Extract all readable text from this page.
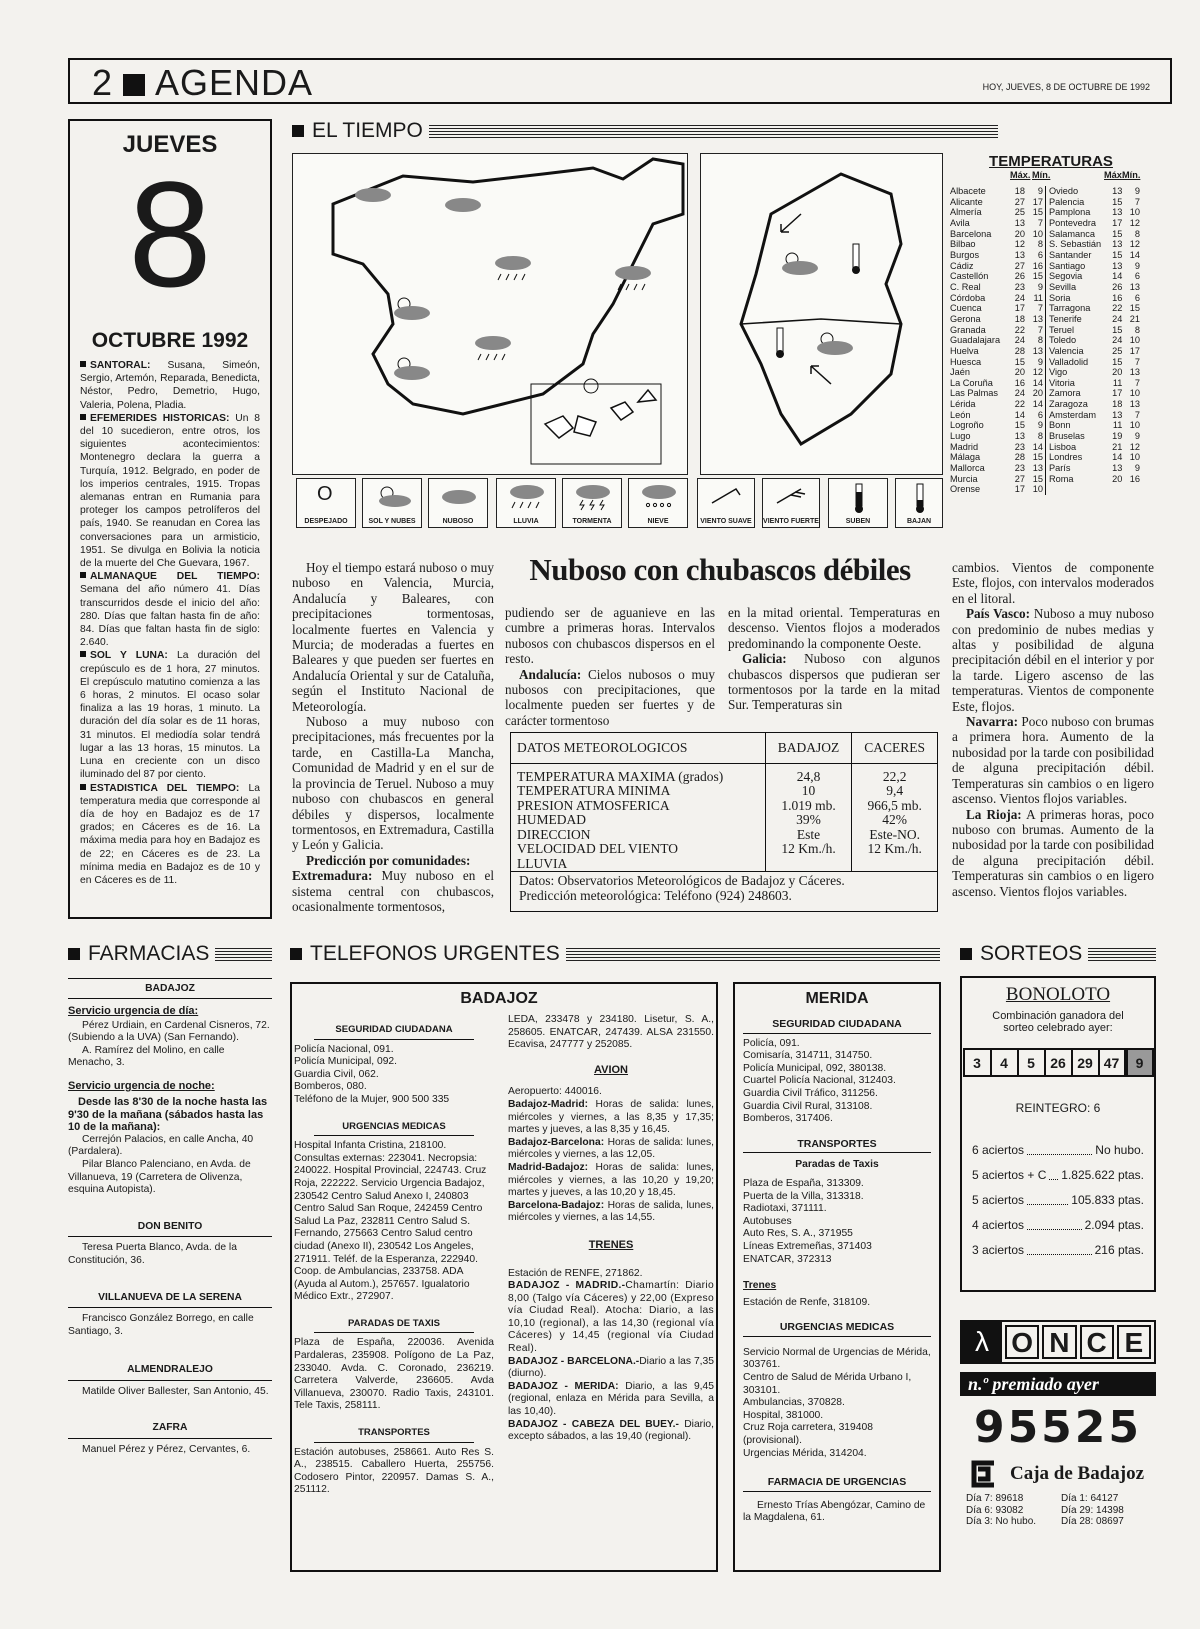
2 AGENDA	HOY, JUEVES, 8 DE OCTUBRE DE 1992
JUEVES
8
OCTUBRE 1992

SANTORAL: Susana, Simeón, Sergio, Artemón, Reparada, Benedicta, Néstor, Pedro, Demetrio, Hugo, Valeria, Polena, Pladia.

EFEMERIDES HISTORICAS: Un 8 del 10 sucedieron, entre otros, los siguientes acontecimientos: Montenegro declara la guerra a Turquía, 1912. Belgrado, en poder de los imperios centrales, 1915. Tropas alemanas entran en Rumania para proteger los campos petrolíferos del país, 1940. Se reanudan en Corea las conversaciones para un armisticio, 1951. Se divulga en Bolivia la noticia de la muerte del Che Guevara, 1967.

ALMANAQUE DEL TIEMPO: Semana del año número 41. Días transcurridos desde el inicio del año: 280. Días que faltan hasta fin de año: 84. Días que faltan hasta fin de siglo: 2.640.

SOL Y LUNA: La duración del crepúsculo es de 1 hora, 27 minutos. El crepúsculo matutino comienza a las 6 horas, 2 minutos. El ocaso solar finaliza a las 19 horas, 1 minuto. La duración del día solar es de 11 horas, 31 minutos. El mediodía solar tendrá lugar a las 13 horas, 15 minutos. La Luna en creciente con un disco iluminado del 87 por ciento.

ESTADISTICA DEL TIEMPO: La temperatura media que corresponde al día de hoy en Badajoz es de 17 grados; en Cáceres es de 16. La máxima media para hoy en Badajoz es de 22; en Cáceres es de 23. La mínima media en Badajoz es de 10 y en Cáceres es de 11.

EL TIEMPO
O
DESPEJADO	SOL Y NUBES	NUBOSO	LLUVIA	TORMENTA	NIEVE	VIENTO SUAVE	VIENTO FUERTE	SUBEN	BAJAN
TEMPERATURAS
Máx. Mín.	Máx.
Mín.
Albacete	18	9
Alicante	27 17
Almería	25 15
Avila	13	7
Barcelona	20 10
Bilbao	12	8
Burgos	13	6
Cádiz	27 16
Castellón	26 15
C. Real	23	9
Córdoba	24 11
Cuenca	17	7
Gerona	18 13
Granada	22	7
Guadalajara	24	8
Huelva	28 13
Huesca	15	9
Jaén	20 12
La Coruña	16 14
Las Palmas	24 20
Lérida	22 14
León	14	6
Logroño	15	9
Lugo	13	8
Madrid	23 14
Málaga	28 15
Mallorca	23 13
Murcia	27 15
Orense	17 10
Oviedo	13	9
Palencia	15	7
Pamplona	13 10
Pontevedra	17 12
Salamanca	15	8
S. Sebastián	13 12
Santander	15 14
Santiago	13	9
Segovia	14	6
Sevilla	26 13
Soria	16	6
Tarragona	22 15
Tenerife	24 21
Teruel	15	8
Toledo	24 10
Valencia	25 17
Valladolid	15	7
Vigo	20 13
Vitoria	11	7
Zamora	17 10
Zaragoza	18 13
Amsterdam	13	7
Bonn	11 10
Bruselas	19	9
Lisboa	21 12
Londres	14 10
París	13	9
Roma	20 16

Hoy el tiempo estará nuboso o muy nuboso en Valencia, Murcia, Andalucía y Baleares, con precipitaciones tormentosas, localmente fuertes en Valencia y Murcia; de moderadas a fuertes en Baleares y que pueden ser fuertes en Andalucía Oriental y sur de Cataluña, según el Instituto Nacional de Meteorología.

Nuboso a muy nuboso con precipitaciones, más frecuentes por la tarde, en Castilla-La Mancha, Comunidad de Madrid y en el sur de la provincia de Teruel. Nuboso a muy nuboso con chubascos en general débiles y dispersos, localmente tormentosos, en Extremadura, Castilla y León y Galicia.

Predicción por comunidades:

Extremadura: Muy nuboso en el sistema central con chubascos, ocasionalmente tormentosos,

Nuboso con chubascos débiles

pudiendo ser de aguanieve en las cumbre a primeras horas. Intervalos nubosos con chubascos dispersos en el resto.

Andalucía: Cielos nubosos o muy nubosos con precipitaciones, que localmente pueden ser fuertes y de carácter tormentoso

en la mitad oriental. Temperaturas en descenso. Vientos flojos a moderados predominando la componente Oeste.

Galicia: Nuboso con algunos chubascos dispersos que pudieran ser tormentosos por la tarde en la mitad Sur. Temperaturas sin

cambios. Vientos de componente Este, flojos, con intervalos moderados en el litoral.

País Vasco: Nuboso a muy nuboso con predominio de nubes medias y altas y posibilidad de alguna precipitación débil en el interior y por la tarde. Ligero ascenso de las temperaturas. Vientos de componente Este, flojos.

Navarra: Poco nuboso con brumas a primera hora. Aumento de la nubosidad por la tarde con posibilidad de alguna precipitación débil. Temperaturas sin cambios o en ligero ascenso. Vientos flojos variables.

La Rioja: A primeras horas, poco nuboso con brumas. Aumento de la nubosidad por la tarde con posibilidad de alguna precipitación débil. Temperaturas sin cambios o en ligero ascenso. Vientos flojos variables.

DATOS METEOROLOGICOS	BADAJOZ	CACERES
TEMPERATURA MAXIMA (grados)	24,8	22,2
TEMPERATURA MINIMA	10	9,4
PRESION ATMOSFERICA	1.019 mb.	966,5 mb.
HUMEDAD	39%	42%
DIRECCION	Este	Este-NO.
VELOCIDAD DEL VIENTO	12 Km./h.	12 Km./h.
LLUVIA		
Datos: Observatorios Meteorológicos de Badajoz y Cáceres.
Predicción meteorológica: Teléfono (924) 248603.
FARMACIAS
BADAJOZ
Servicio urgencia de día:
Pérez Urdiain, en Cardenal Cisneros, 72. (Subiendo a la UVA) (San Fernando).
A. Ramírez del Molino, en calle Menacho, 3.
Servicio urgencia de noche:
Desde las 8'30 de la noche hasta las 9'30 de la mañana (sábados hasta las 10 de la mañana):
Cerrejón Palacios, en calle Ancha, 40 (Pardalera).
Pilar Blanco Palenciano, en Avda. de Villanueva, 19 (Carretera de Olivenza, esquina Autopista).
DON BENITO
Teresa Puerta Blanco, Avda. de la Constitución, 36.
VILLANUEVA DE LA SERENA
Francisco González Borrego, en calle Santiago, 3.
ALMENDRALEJO
Matilde Oliver Ballester, San Antonio, 45.
ZAFRA
Manuel Pérez y Pérez, Cervantes, 6.
TELEFONOS URGENTES
BADAJOZ
SEGURIDAD CIUDADANA
Policía Nacional, 091.
Policía Municipal, 092.
Guardia Civil, 062.
Bomberos, 080.
Teléfono de la Mujer, 900 500 335
URGENCIAS MEDICAS
Hospital Infanta Cristina, 218100. Consultas externas: 223041. Necropsia: 240022. Hospital Provincial, 224743. Cruz Roja, 222222. Servicio Urgencia Badajoz, 230542 Centro Salud Anexo I, 240803 Centro Salud San Roque, 242459 Centro Salud La Paz, 232811 Centro Salud S. Fernando, 275663 Centro Salud centro ciudad (Anexo II), 230542 Los Angeles, 271911. Teléf. de la Esperanza, 222940. Coop. de Ambulancias, 233758. ADA (Ayuda al Autom.), 257657. Igualatorio Médico Extr., 272907.
PARADAS DE TAXIS
Plaza de España, 220036. Avenida Pardaleras, 235908. Polígono de La Paz, 233040. Avda. C. Coronado, 236219. Carretera Valverde, 236605. Avda Villanueva, 230070. Radio Taxis, 243101. Tele Taxis, 258111.
TRANSPORTES
Estación autobuses, 258661. Auto Res S. A., 238515. Caballero Huerta, 255756. Codosero Pintor, 220957. Damas S. A., 251112.
LEDA, 233478 y 234180. Lisetur, S. A., 258605. ENATCAR, 247439. ALSA 231550. Ecavisa, 247777 y 252085.
AVION
Aeropuerto: 440016.
Badajoz-Madrid: Horas de salida: lunes, miércoles y viernes, a las 8,35 y 17,35; martes y jueves, a las 8,35 y 16,45.
Badajoz-Barcelona: Horas de salida: lunes, miércoles y viernes, a las 12,05.
Madrid-Badajoz: Horas de salida: lunes, miércoles y viernes, a las 10,20 y 19,20; martes y jueves, a las 10,20 y 18,45.
Barcelona-Badajoz: Horas de salida, lunes, miércoles y viernes, a las 14,55.
TRENES
Estación de RENFE, 271862.
BADAJOZ - MADRID.-Chamartín: Diario 8,00 (Talgo vía Cáceres) y 22,00 (Expreso vía Ciudad Real). Atocha: Diario, a las 10,10 (regional), a las 14,30 (regional vía Cáceres) y 14,45 (regional vía Ciudad Real).
BADAJOZ - BARCELONA.-Diario a las 7,35 (diurno).
BADAJOZ - MERIDA: Diario, a las 9,45 (regional, enlaza en Mérida para Sevilla, a las 10,40).
BADAJOZ - CABEZA DEL BUEY.- Diario, excepto sábados, a las 19,40 (regional).
MERIDA
SEGURIDAD CIUDADANA
Policía, 091.
Comisaría, 314711, 314750.
Policía Municipal, 092, 380138.
Cuartel Policía Nacional, 312403.
Guardia Civil Tráfico, 311256.
Guardia Civil Rural, 313108.
Bomberos, 317406.
TRANSPORTES
Paradas de Taxis
Plaza de España, 313309.
Puerta de la Villa, 313318.
Radiotaxi, 371111.
Autobuses
Auto Res, S. A., 371955
Líneas Extremeñas, 371403
ENATCAR, 372313
Trenes
Estación de Renfe, 318109.
URGENCIAS MEDICAS
Servicio Normal de Urgencias de Mérida, 303761.
Centro de Salud de Mérida Urbano I, 303101.
Ambulancias, 370828.
Hospital, 381000.
Cruz Roja carretera, 319408 (provisional).
Urgencias Mérida, 314204.
FARMACIA DE URGENCIAS
Ernesto Trías Abengózar, Camino de la Magdalena, 61.
SORTEOS
BONOLOTO
Combinación ganadora del sorteo celebrado ayer:
3	4	5	26	29	47	9
REINTEGRO: 6
6 aciertos	No hubo.
5 aciertos + C 1.825.622 ptas.
5 aciertos	105.833 ptas.
4 aciertos	2.094 ptas.
3 aciertos	216 ptas.
λ O N C E
n.º premiado ayer
95525
Caja de Badajoz
Día 7: 89618	Día 1: 64127
Día 6: 93082	Día 29: 14398
Día 3: No hubo.	Día 28: 08697
